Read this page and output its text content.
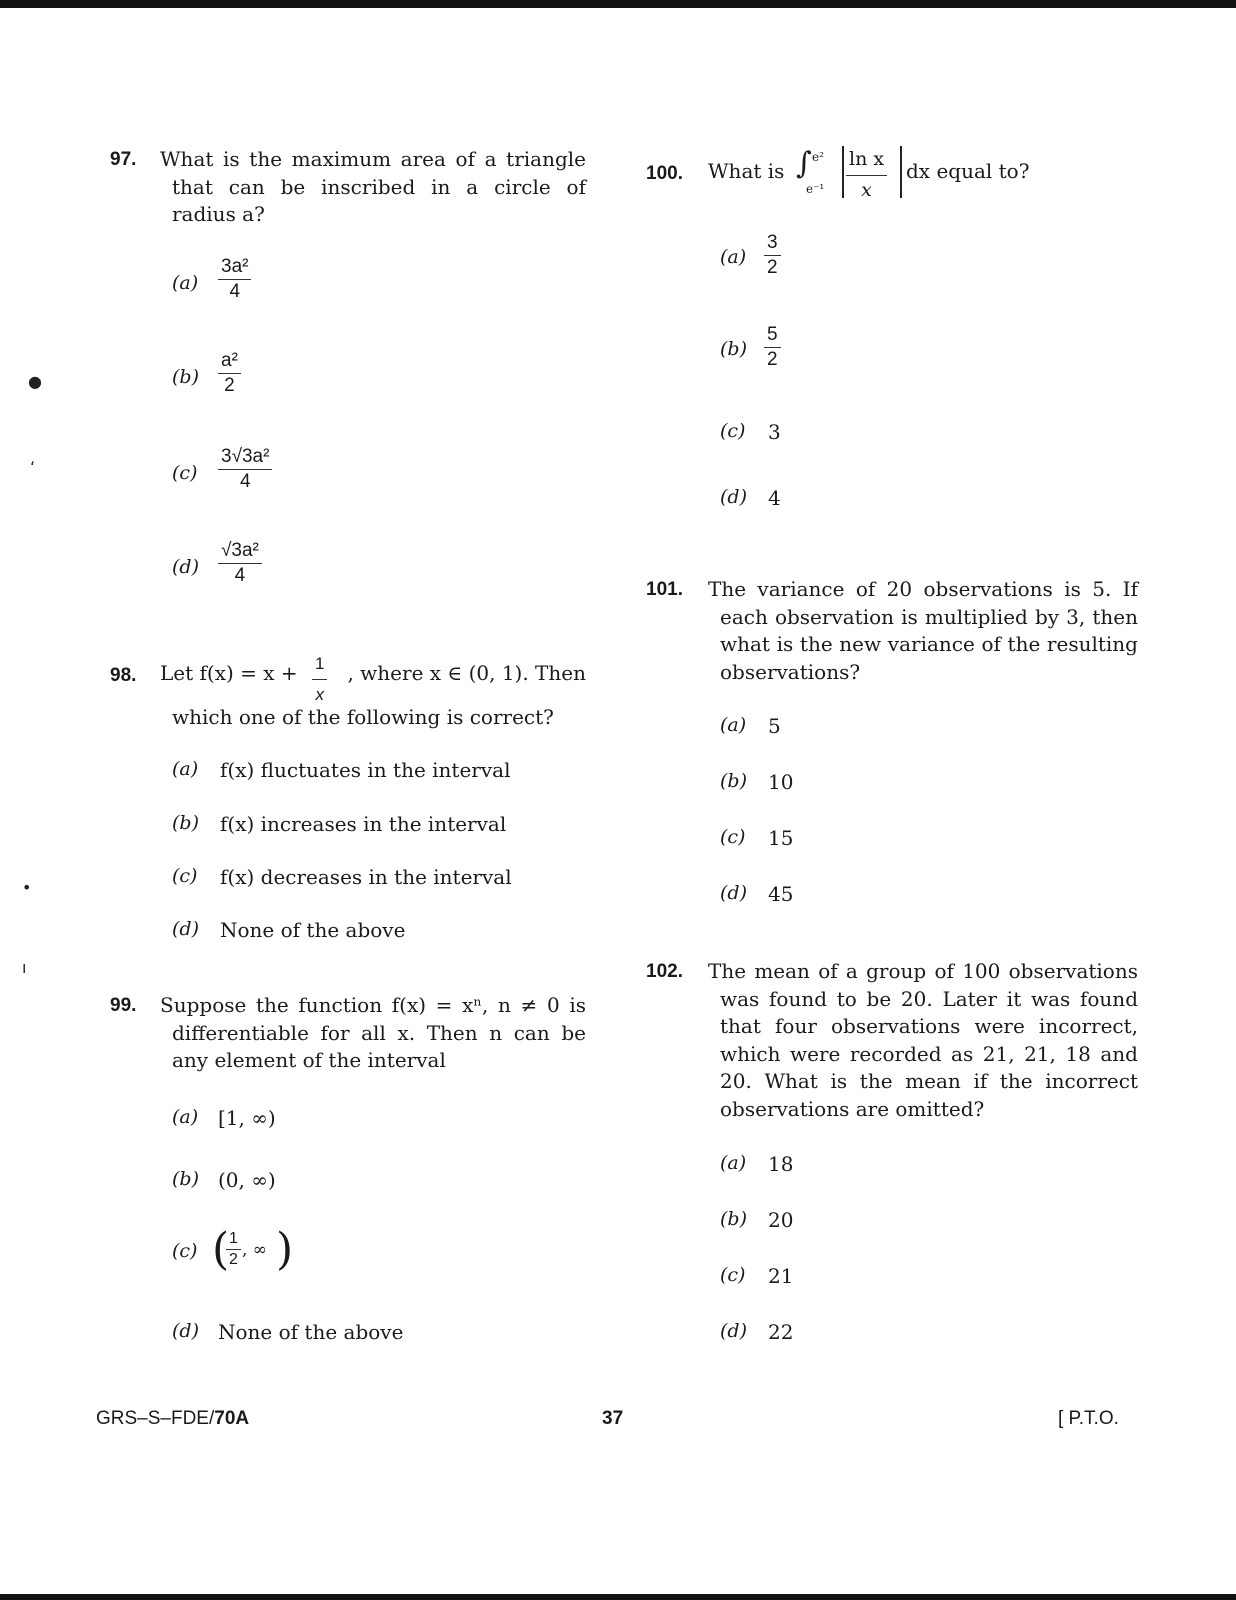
●
ʻ
•
ı
97. What is the maximum area of a triangle that can be inscribed in a circle of radius a?
$(a) \frac{\text{3a²}}{4}$
$(b) \frac{\text{a²}}{2}$
$(c) \frac{\text{3√3a²}}{4}$
$(d) \frac{\text{√3a²}}{4}$
98. Let $f(x) = x + \frac{1}{x}$	, where x ∈ (0, 1). Then
which one of the following is correct?
(a) f(x) fluctuates in the interval
(b) f(x) increases in the interval
(c) f(x) decreases in the interval
(d) None of the above
99. Suppose the function f(x) = xⁿ, n ≠ 0 is differentiable for all x. Then n can be any element of the interval
(a) [1, ∞)
(b) (0, ∞)
(c) (
$\frac{1}{2}$ , ∞ )
(d) None of the above
100. What is ∫ e²
$e^{-1} \frac{\text{ln x}}{x}$ dx equal to?
$(a) \frac{3}{2}$
$(b) \frac{5}{2}$
(c) 3
(d) 4
101. The variance of 20 observations is 5. If each observation is multiplied by 3, then what is the new variance of the resulting observations?
(a) 5
(b) 10
(c) 15
(d) 45
102. The mean of a group of 100 observations was found to be 20. Later it was found that four observations were incorrect, which were recorded as 21, 21, 18 and 20. What is the mean if the incorrect observations are omitted?
(a) 18
(b) 20
(c) 21
(d) 22
GRS–S–FDE/70A	37	[ P.T.O.
